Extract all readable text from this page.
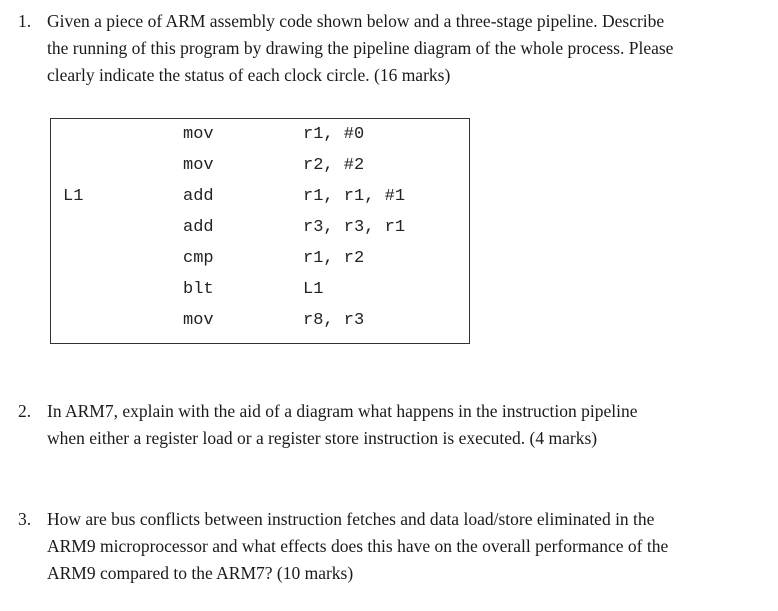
1. Given a piece of ARM assembly code shown below and a three-stage pipeline. Describe
the running of this program by drawing the pipeline diagram of the whole process. Please
clearly indicate the status of each clock circle. (16 marks)
mov	r1, #0
mov	r2, #2
L1	add	r1, r1, #1
add	r3, r3, r1
cmp	r1, r2
blt	L1
mov	r8, r3
2. In ARM7, explain with the aid of a diagram what happens in the instruction pipeline
when either a register load or a register store instruction is executed. (4 marks)
3. How are bus conflicts between instruction fetches and data load/store eliminated in the
ARM9 microprocessor and what effects does this have on the overall performance of the
ARM9 compared to the ARM7? (10 marks)
